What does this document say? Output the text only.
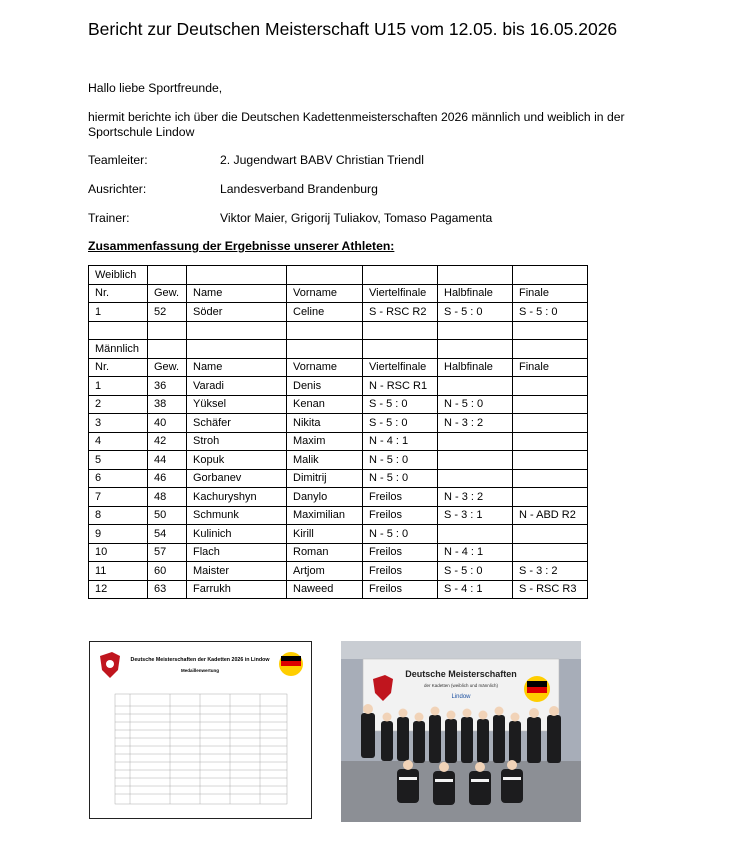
Bericht zur Deutschen Meisterschaft U15 vom 12.05. bis 16.05.2026
Hallo liebe Sportfreunde,
hiermit berichte ich über die Deutschen Kadettenmeisterschaften 2026 männlich und weiblich in der Sportschule Lindow
Teamleiter:	2. Jugendwart BABV Christian Triendl
Ausrichter:	Landesverband Brandenburg
Trainer:	Viktor Maier, Grigorij Tuliakov, Tomaso Pagamenta
Zusammenfassung der Ergebnisse unserer Athleten:
Weiblich						
Nr.	Gew.	Name	Vorname	Viertelfinale	Halbfinale	Finale
1	52	Söder	Celine	S - RSC R2	S - 5 : 0	S - 5 : 0

Männlich						
Nr.	Gew.	Name	Vorname	Viertelfinale	Halbfinale	Finale
1	36	Varadi	Denis	N - RSC R1		
2	38	Yüksel	Kenan	S - 5 : 0	N - 5 : 0	
3	40	Schäfer	Nikita	S - 5 : 0	N - 3 : 2	
4	42	Stroh	Maxim	N - 4 : 1		
5	44	Kopuk	Malik	N - 5 : 0		
6	46	Gorbanev	Dimitrij	N - 5 : 0		
7	48	Kachuryshyn	Danylo	Freilos	N - 3 : 2	
8	50	Schmunk	Maximilian	Freilos	S - 3 : 1	N - ABD R2
9	54	Kulinich	Kirill	N - 5 : 0		
10	57	Flach	Roman	Freilos	N - 4 : 1	
11	60	Maister	Artjom	Freilos	S - 5 : 0	S - 3 : 2
12	63	Farrukh	Naweed	Freilos	S - 4 : 1	S - RSC R3
Deutsche Meisterschaften der Kadetten 2026 in Lindow
Medaillenwertung	Deutsche Meisterschaften
der Kadetten (weiblich und männlich)
Lindow
